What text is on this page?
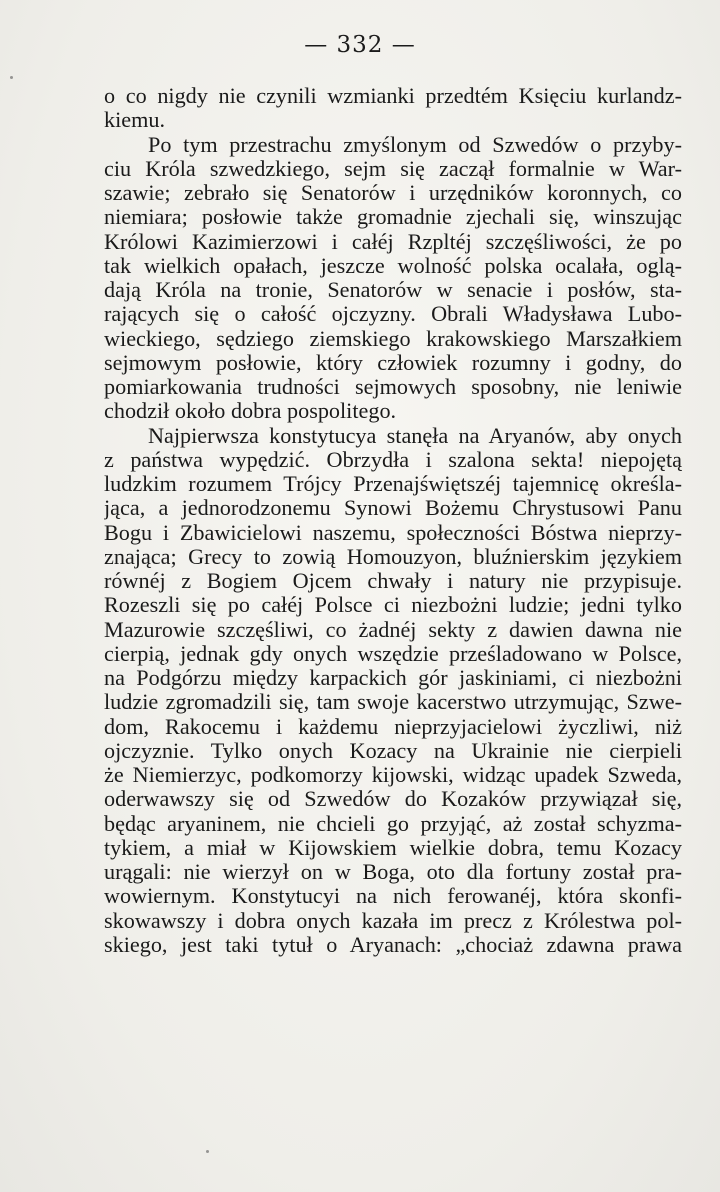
— 332 —
o co nigdy nie czynili wzmianki przedtém Księciu kurlandz-
kiemu.
Po tym przestrachu zmyślonym od Szwedów o przyby-
ciu Króla szwedzkiego, sejm się zaczął formalnie w War-
szawie; zebrało się Senatorów i urzędników koronnych, co
niemiara; posłowie także gromadnie zjechali się, winszując
Królowi Kazimierzowi i całéj Rzpltéj szczęśliwości, że po
tak wielkich opałach, jeszcze wolność polska ocalała, oglą-
dają Króla na tronie, Senatorów w senacie i posłów, sta-
rających się o całość ojczyzny. Obrali Władysława Lubo-
wieckiego, sędziego ziemskiego krakowskiego Marszałkiem
sejmowym posłowie, który człowiek rozumny i godny, do
pomiarkowania trudności sejmowych sposobny, nie leniwie
chodził około dobra pospolitego.
Najpierwsza konstytucya stanęła na Aryanów, aby onych
z państwa wypędzić. Obrzydła i szalona sekta! niepojętą
ludzkim rozumem Trójcy Przenajświętszéj tajemnicę określa-
jąca, a jednorodzonemu Synowi Bożemu Chrystusowi Panu
Bogu i Zbawicielowi naszemu, społeczności Bóstwa nieprzy-
znająca; Grecy to zowią Homouzyon, bluźnierskim językiem
równéj z Bogiem Ojcem chwały i natury nie przypisuje.
Rozeszli się po całéj Polsce ci niezbożni ludzie; jedni tylko
Mazurowie szczęśliwi, co żadnéj sekty z dawien dawna nie
cierpią, jednak gdy onych wszędzie prześladowano w Polsce,
na Podgórzu między karpackich gór jaskiniami, ci niezbożni
ludzie zgromadzili się, tam swoje kacerstwo utrzymując, Szwe-
dom, Rakocemu i każdemu nieprzyjacielowi życzliwi, niż
ojczyznie. Tylko onych Kozacy na Ukrainie nie cierpieli
że Niemierzyc, podkomorzy kijowski, widząc upadek Szweda,
oderwawszy się od Szwedów do Kozaków przywiązał się,
będąc aryaninem, nie chcieli go przyjąć, aż został schyzma-
tykiem, a miał w Kijowskiem wielkie dobra, temu Kozacy
urągali: nie wierzył on w Boga, oto dla fortuny został pra-
wowiernym. Konstytucyi na nich ferowanéj, która skonfi-
skowawszy i dobra onych kazała im precz z Królestwa pol-
skiego, jest taki tytuł o Aryanach: „chociaż zdawna prawa
